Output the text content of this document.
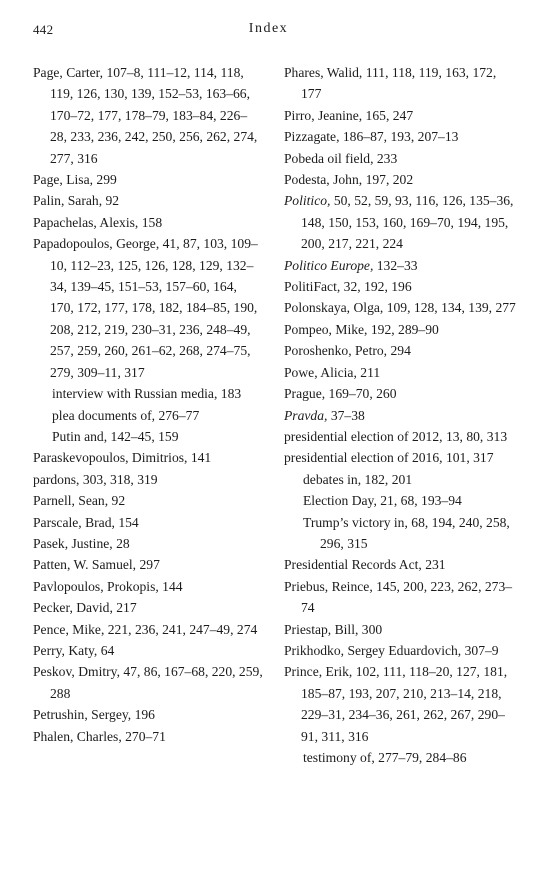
442	Index
Page, Carter, 107–8, 111–12, 114, 118, 119, 126, 130, 139, 152–53, 163–66, 170–72, 177, 178–79, 183–84, 226–28, 233, 236, 242, 250, 256, 262, 274, 277, 316
Page, Lisa, 299
Palin, Sarah, 92
Papachelas, Alexis, 158
Papadopoulos, George, 41, 87, 103, 109–10, 112–23, 125, 126, 128, 129, 132–34, 139–45, 151–53, 157–60, 164, 170, 172, 177, 178, 182, 184–85, 190, 208, 212, 219, 230–31, 236, 248–49, 257, 259, 260, 261–62, 268, 274–75, 279, 309–11, 317
interview with Russian media, 183
plea documents of, 276–77
Putin and, 142–45, 159
Paraskevopoulos, Dimitrios, 141
pardons, 303, 318, 319
Parnell, Sean, 92
Parscale, Brad, 154
Pasek, Justine, 28
Patten, W. Samuel, 297
Pavlopoulos, Prokopis, 144
Pecker, David, 217
Pence, Mike, 221, 236, 241, 247–49, 274
Perry, Katy, 64
Peskov, Dmitry, 47, 86, 167–68, 220, 259, 288
Petrushin, Sergey, 196
Phalen, Charles, 270–71
Phares, Walid, 111, 118, 119, 163, 172, 177
Pirro, Jeanine, 165, 247
Pizzagate, 186–87, 193, 207–13
Pobeda oil field, 233
Podesta, John, 197, 202
Politico, 50, 52, 59, 93, 116, 126, 135–36, 148, 150, 153, 160, 169–70, 194, 195, 200, 217, 221, 224
Politico Europe, 132–33
PolitiFact, 32, 192, 196
Polonskaya, Olga, 109, 128, 134, 139, 277
Pompeo, Mike, 192, 289–90
Poroshenko, Petro, 294
Powe, Alicia, 211
Prague, 169–70, 260
Pravda, 37–38
presidential election of 2012, 13, 80, 313
presidential election of 2016, 101, 317
debates in, 182, 201
Election Day, 21, 68, 193–94
Trump’s victory in, 68, 194, 240, 258, 296, 315
Presidential Records Act, 231
Priebus, Reince, 145, 200, 223, 262, 273–74
Priestap, Bill, 300
Prikhodko, Sergey Eduardovich, 307–9
Prince, Erik, 102, 111, 118–20, 127, 181, 185–87, 193, 207, 210, 213–14, 218, 229–31, 234–36, 261, 262, 267, 290–91, 311, 316
testimony of, 277–79, 284–86
